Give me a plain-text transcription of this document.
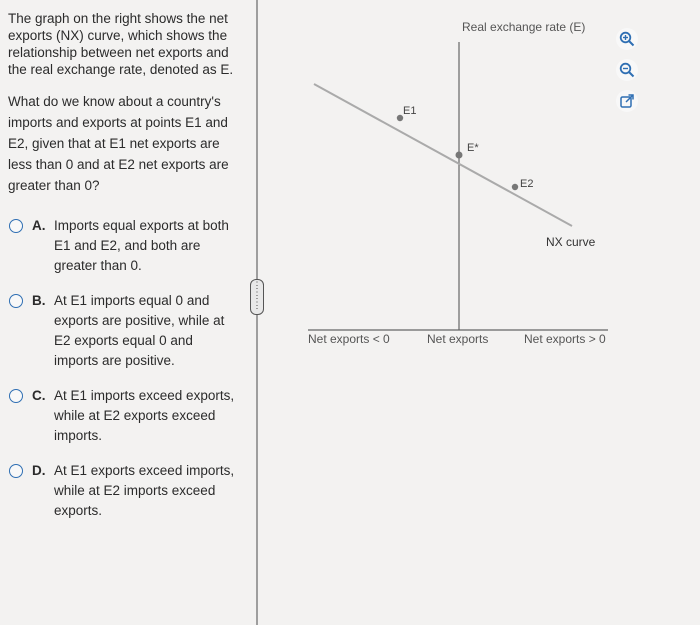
The graph on the right shows the net exports (NX) curve, which shows the relationship between net exports and the real exchange rate, denoted as E.

What do we know about a country's imports and exports at points E1 and E2, given that at E1 net exports are less than 0 and at E2 net exports are greater than 0?

A. Imports equal exports at both E1 and E2, and both are greater than 0.
B. At E1 imports equal 0 and exports are positive, while at E2 exports equal 0 and imports are positive.
C. At E1 imports exceed exports, while at E2 exports exceed imports.
D. At E1 exports exceed imports, while at E2 imports exceed exports.
⋮
⋮
⋮
Real exchange rate (E)
E1
E*
E2
NX curve
Net exports < 0	Net exports	Net exports > 0
